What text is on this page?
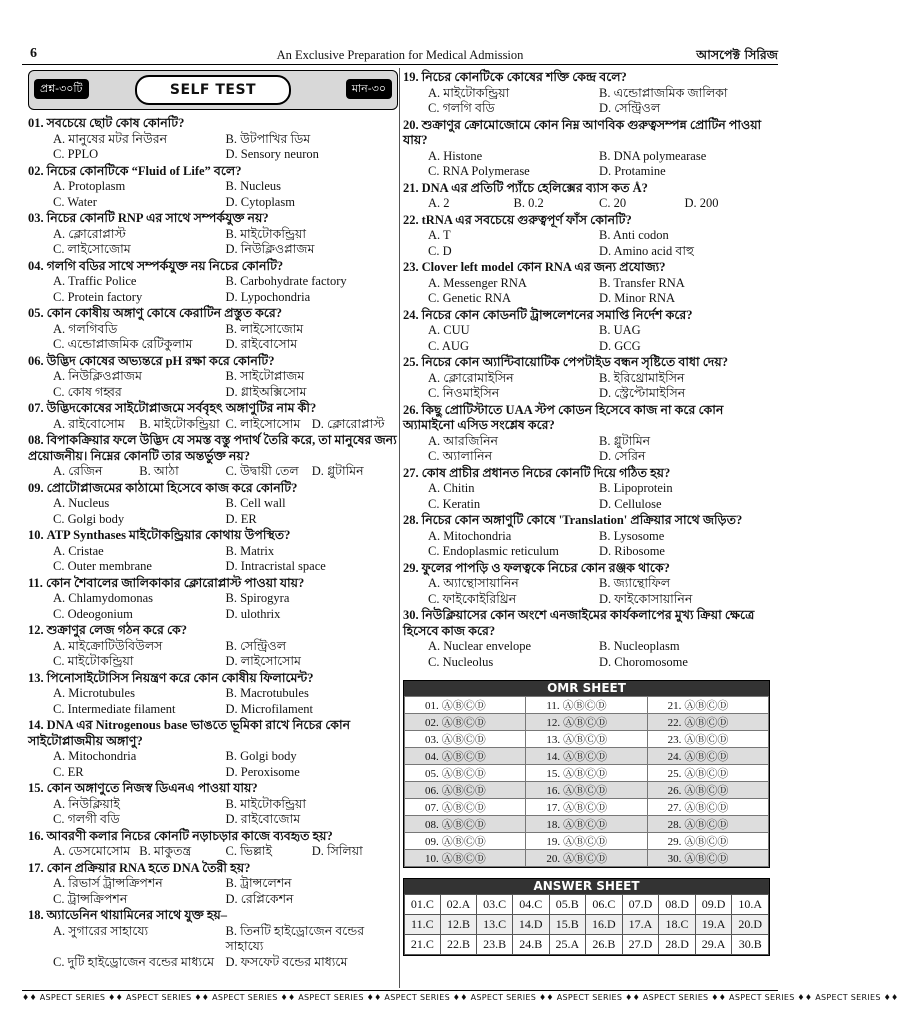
6	An Exclusive Preparation for Medical Admission	আসপেক্ট সিরিজ
প্রশ্ন-৩০টি	SELF TEST	মান-৩০
01. সবচেয়ে ছোট কোষ কোনটি?
A. মানুষের মটর নিউরন	B. উটপাখির ডিম
C. PPLO	D. Sensory neuron
02. নিচের কোনটিকে “Fluid of Life” বলে?
A. Protoplasm	B. Nucleus
C. Water	D. Cytoplasm
03. নিচের কোনটি RNP এর সাথে সম্পর্কযুক্ত নয়?
A. ক্লোরোপ্লাস্ট	B. মাইটোকন্ড্রিয়া
C. লাইসোজোম	D. নিউক্লিওপ্লাজম
04. গলগি বডির সাথে সম্পর্কযুক্ত নয় নিচের কোনটি?
A. Traffic Police	B. Carbohydrate factory
C. Protein factory	D. Lypochondria
05. কোন কোষীয় অঙ্গাণু কোষে কেরাটিন প্রস্তুত করে?
A. গলগিবডি	B. লাইসোজোম
C. এন্ডোপ্লাজমিক রেটিকুলাম	D. রাইবোসোম
06. উদ্ভিদ কোষের অভ্যন্তরে pH রক্ষা করে কোনটি?
A. নিউক্লিওপ্লাজম	B. সাইটোপ্লাজম
C. কোষ গহ্বর	D. গ্লাইঅক্সিসোম
07. উদ্ভিদকোষের সাইটোপ্লাজমে সর্ববৃহৎ অঙ্গাণুটির নাম কী?
A. রাইবোসোম	B. মাইটোকন্ড্রিয়া C. লাইসোসোম D. ক্লোরোপ্লাস্ট
08. বিপাকক্রিয়ার ফলে উদ্ভিদ যে সমস্ত বস্তু পদার্থ তৈরি করে, তা মানুষের জন্য প্রয়োজনীয়। নিম্নের কোনটি তার অন্তর্ভুক্ত নয়?
A. রেজিন	B. আঠা	C. উদ্বায়ী তেল	D. গ্লুটামিন
09. প্রোটোপ্লাজমের কাঠামো হিসেবে কাজ করে কোনটি?
A. Nucleus	B. Cell wall
C. Golgi body	D. ER
10. ATP Synthases মাইটোকন্ড্রিয়ার কোথায় উপস্থিত?
A. Cristae	B. Matrix
C. Outer membrane	D. Intracristal space
11. কোন শৈবালের জালিকাকার ক্লোরোপ্লাস্ট পাওয়া যায়?
A. Chlamydomonas	B. Spirogyra
C. Odeogonium	D. ulothrix
12. শুক্রাণুর লেজ গঠন করে কে?
A. মাইক্রোটিউবিউলস	B. সেন্ট্রিওল
C. মাইটোকন্ড্রিয়া	D. লাইসোসোম
13. পিনোসাইটোসিস নিয়ন্ত্রণ করে কোন কোষীয় ফিলামেন্ট?
A. Microtubules	B. Macrotubules
C. Intermediate filament	D. Microfilament
14. DNA এর Nitrogenous base ভাঙতে ভূমিকা রাখে নিচের কোন সাইটোপ্লাজমীয় অঙ্গাণু?
A. Mitochondria	B. Golgi body
C. ER	D. Peroxisome
15. কোন অঙ্গাণুতে নিজস্ব ডিএনএ পাওয়া যায়?
A. নিউক্লিয়াই	B. মাইটোকন্ড্রিয়া
C. গলগী বডি	D. রাইবোজোম
16. আবরণী কলার নিচের কোনটি নড়াচড়ার কাজে ব্যবহৃত হয়?
A. ডেসমোসোম B. মাকুতন্ত্র	C. ভিল্লাই	D. সিলিয়া
17. কোন প্রক্রিয়ার RNA হতে DNA তৈরী হয়?
A. রিভার্স ট্রান্সক্রিপশন	B. ট্রান্সলেশন
C. ট্রান্সক্রিপশন	D. রেপ্লিকেশন
18. অ্যাডেনিন থায়ামিনের সাথে যুক্ত হয়–
A. সুগারের সাহায্যে	B. তিনটি হাইড্রোজেন বন্ডের সাহায্যে
C. দুটি হাইড্রোজেন বন্ডের মাধ্যমে D. ফসফেট বন্ডের মাধ্যমে
19. নিচের কোনটিকে কোষের শক্তি কেন্দ্র বলে?
A. মাইটোকন্ড্রিয়া	B. এন্ডোপ্লাজমিক জালিকা
C. গলগি বডি	D. সেন্ট্রিওল
20. শুক্রাণুর ক্রোমোজোমে কোন নিম্ন আণবিক গুরুত্বসম্পন্ন প্রোটিন পাওয়া যায়?
A. Histone	B. DNA polymearase
C. RNA Polymerase	D. Protamine
21. DNA এর প্রতিটি প্যাঁচে হেলিক্সের ব্যাস কত Å?
A. 2	B. 0.2	C. 20	D. 200
22. tRNA এর সবচেয়ে গুরুত্বপূর্ণ ফাঁস কোনটি?
A. T	B. Anti codon
C. D	D. Amino acid বাহু
23. Clover left model কোন RNA এর জন্য প্রযোজ্য?
A. Messenger RNA	B. Transfer RNA
C. Genetic RNA	D. Minor RNA
24. নিচের কোন কোডনটি ট্রান্সলেশনের সমাপ্তি নির্দেশ করে?
A. CUU	B. UAG
C. AUG	D. GCG
25. নিচের কোন অ্যান্টিবায়োটিক পেপটাইড বন্ধন সৃষ্টিতে বাধা দেয়?
A. ক্লোরোমাইসিন	B. ইরিথ্রোমাইসিন
C. নিওমাইসিন	D. স্ট্রেপ্টোমাইসিন
26. কিছু প্রোটিস্টাতে UAA স্টপ কোডন হিসেবে কাজ না করে কোন অ্যামাইনো এসিড সংশ্লেষ করে?
A. আরজিনিন	B. গ্লুটামিন
C. অ্যালানিন	D. সেরিন
27. কোষ প্রাচীর প্রধানত নিচের কোনটি দিয়ে গঠিত হয়?
A. Chitin	B. Lipoprotein
C. Keratin	D. Cellulose
28. নিচের কোন অঙ্গাণুটি কোষে 'Translation' প্রক্রিয়ার সাথে জড়িত?
A. Mitochondria	B. Lysosome
C. Endoplasmic reticulum	D. Ribosome
29. ফুলের পাপড়ি ও ফলত্বকে নিচের কোন রঞ্জক থাকে?
A. অ্যান্থোসায়ানিন	B. জ্যান্থোফিল
C. ফাইকোইরিথ্রিন	D. ফাইকোসায়ানিন
30. নিউক্লিয়াসের কোন অংশে এনজাইমের কার্যকলাপের মুখ্য ক্রিয়া ক্ষেত্রে হিসেবে কাজ করে?
A. Nuclear envelope	B. Nucleoplasm
C. Nucleolus	D. Choromosome
OMR SHEET
01. ⒶⒷⒸⒹ	11. ⒶⒷⒸⒹ	21. ⒶⒷⒸⒹ
02. ⒶⒷⒸⒹ	12. ⒶⒷⒸⒹ	22. ⒶⒷⒸⒹ
03. ⒶⒷⒸⒹ	13. ⒶⒷⒸⒹ	23. ⒶⒷⒸⒹ
04. ⒶⒷⒸⒹ	14. ⒶⒷⒸⒹ	24. ⒶⒷⒸⒹ
05. ⒶⒷⒸⒹ	15. ⒶⒷⒸⒹ	25. ⒶⒷⒸⒹ
06. ⒶⒷⒸⒹ	16. ⒶⒷⒸⒹ	26. ⒶⒷⒸⒹ
07. ⒶⒷⒸⒹ	17. ⒶⒷⒸⒹ	27. ⒶⒷⒸⒹ
08. ⒶⒷⒸⒹ	18. ⒶⒷⒸⒹ	28. ⒶⒷⒸⒹ
09. ⒶⒷⒸⒹ	19. ⒶⒷⒸⒹ	29. ⒶⒷⒸⒹ
10. ⒶⒷⒸⒹ	20. ⒶⒷⒸⒹ	30. ⒶⒷⒸⒹ
ANSWER SHEET
01.C	02.A	03.C	04.C	05.B	06.C	07.D	08.D	09.D	10.A
11.C	12.B	13.C	14.D	15.B	16.D	17.A	18.C	19.A	20.D
21.C	22.B	23.B	24.B	25.A	26.B	27.D	28.D	29.A	30.B
♦♦ ASPECT SERIES ♦♦ ASPECT SERIES ♦♦ ASPECT SERIES ♦♦ ASPECT SERIES ♦♦ ASPECT SERIES ♦♦ ASPECT SERIES ♦♦ ASPECT SERIES ♦♦ ASPECT SERIES ♦♦ ASPECT SERIES ♦♦ ASPECT SERIES ♦♦
